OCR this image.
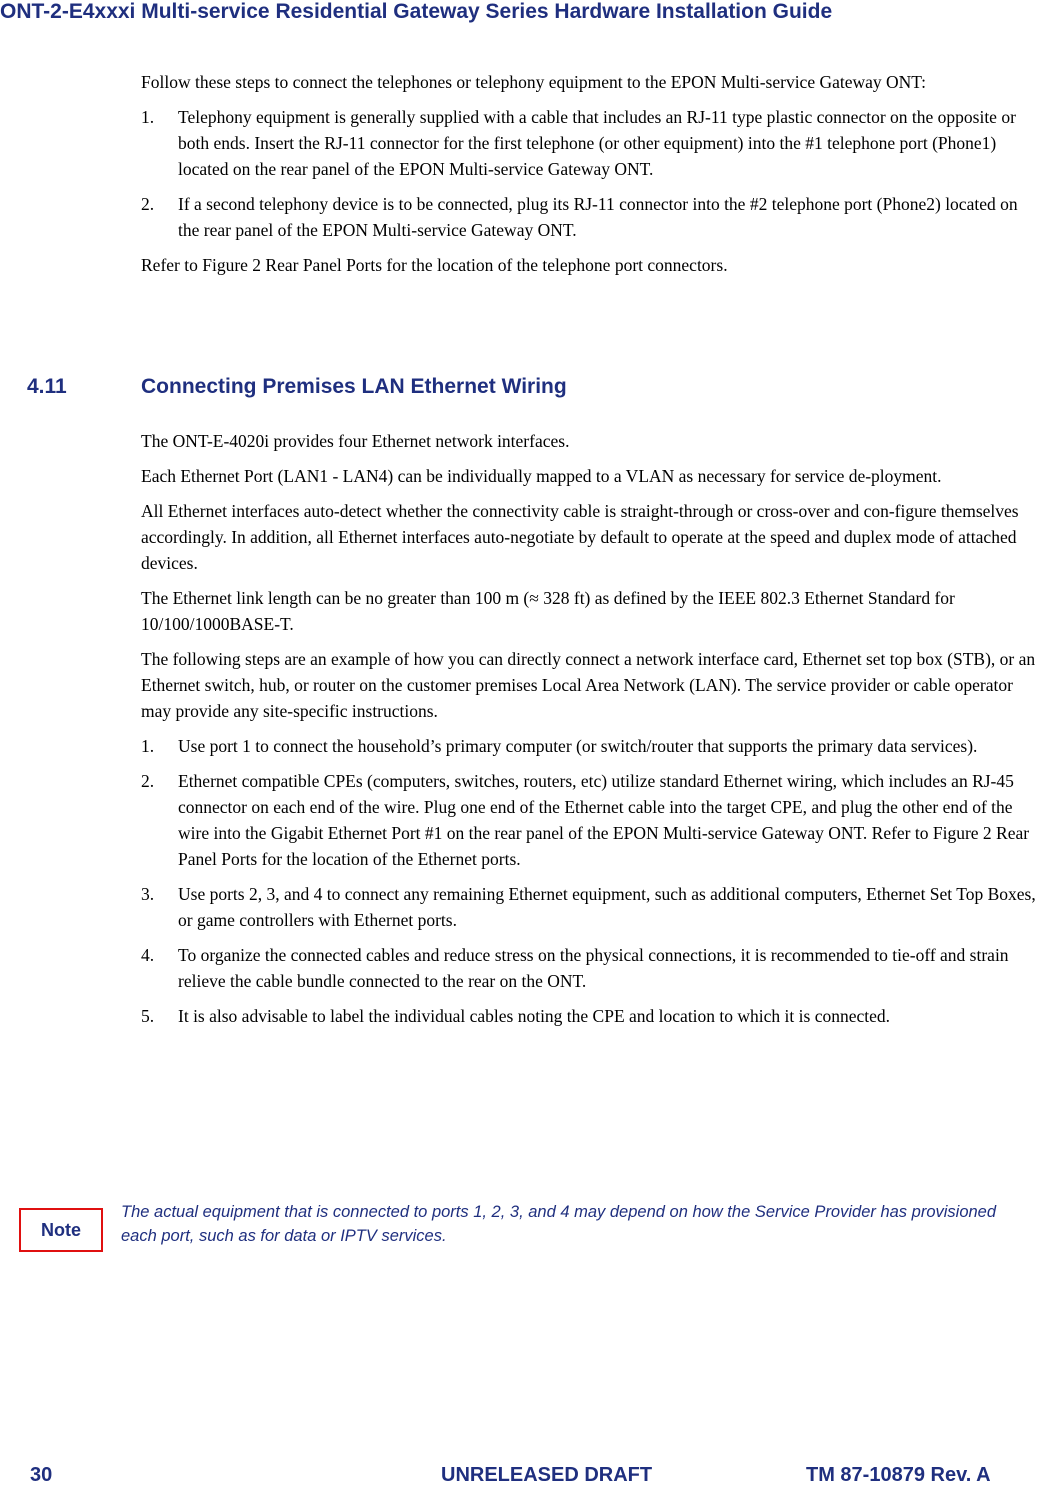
ONT-2-E4xxxi Multi-service Residential Gateway Series Hardware Installation Guide

Follow these steps to connect the telephones or telephony equipment to the EPON Multi-service Gateway ONT:

1. Telephony equipment is generally supplied with a cable that includes an RJ-11 type plastic connector on the opposite or both ends. Insert the RJ-11 connector for the first telephone (or other equipment) into the #1 telephone port (Phone1) located on the rear panel of the EPON Multi-service Gateway ONT.

2. If a second telephony device is to be connected, plug its RJ-11 connector into the #2 telephone port (Phone2) located on the rear panel of the EPON Multi-service Gateway ONT.

Refer to Figure 2 Rear Panel Ports for the location of the telephone port connectors.

4.11	Connecting Premises LAN Ethernet Wiring

The ONT-E-4020i provides four Ethernet network interfaces.

Each Ethernet Port (LAN1 - LAN4) can be individually mapped to a VLAN as necessary for service de-ployment.

All Ethernet interfaces auto-detect whether the connectivity cable is straight-through or cross-over and con-figure themselves accordingly. In addition, all Ethernet interfaces auto-negotiate by default to operate at the speed and duplex mode of attached devices.

The Ethernet link length can be no greater than 100 m (≈ 328 ft) as defined by the IEEE 802.3 Ethernet Standard for 10/100/1000BASE-T.

The following steps are an example of how you can directly connect a network interface card, Ethernet set top box (STB), or an Ethernet switch, hub, or router on the customer premises Local Area Network (LAN). The service provider or cable operator may provide any site-specific instructions.

1. Use port 1 to connect the household’s primary computer (or switch/router that supports the primary data services).

2. Ethernet compatible CPEs (computers, switches, routers, etc) utilize standard Ethernet wiring, which includes an RJ-45 connector on each end of the wire. Plug one end of the Ethernet cable into the target CPE, and plug the other end of the wire into the Gigabit Ethernet Port #1 on the rear panel of the EPON Multi-service Gateway ONT. Refer to Figure 2 Rear Panel Ports for the location of the Ethernet ports.

3. Use ports 2, 3, and 4 to connect any remaining Ethernet equipment, such as additional computers, Ethernet Set Top Boxes, or game controllers with Ethernet ports.

4. To organize the connected cables and reduce stress on the physical connections, it is recommended to tie-off and strain relieve the cable bundle connected to the rear on the ONT.

5. It is also advisable to label the individual cables noting the CPE and location to which it is connected.

Note
The actual equipment that is connected to ports 1, 2, 3, and 4 may depend on how the Service Provider has provisioned each port, such as for data or IPTV services.
30	UNRELEASED DRAFT	TM 87-10879 Rev. A
